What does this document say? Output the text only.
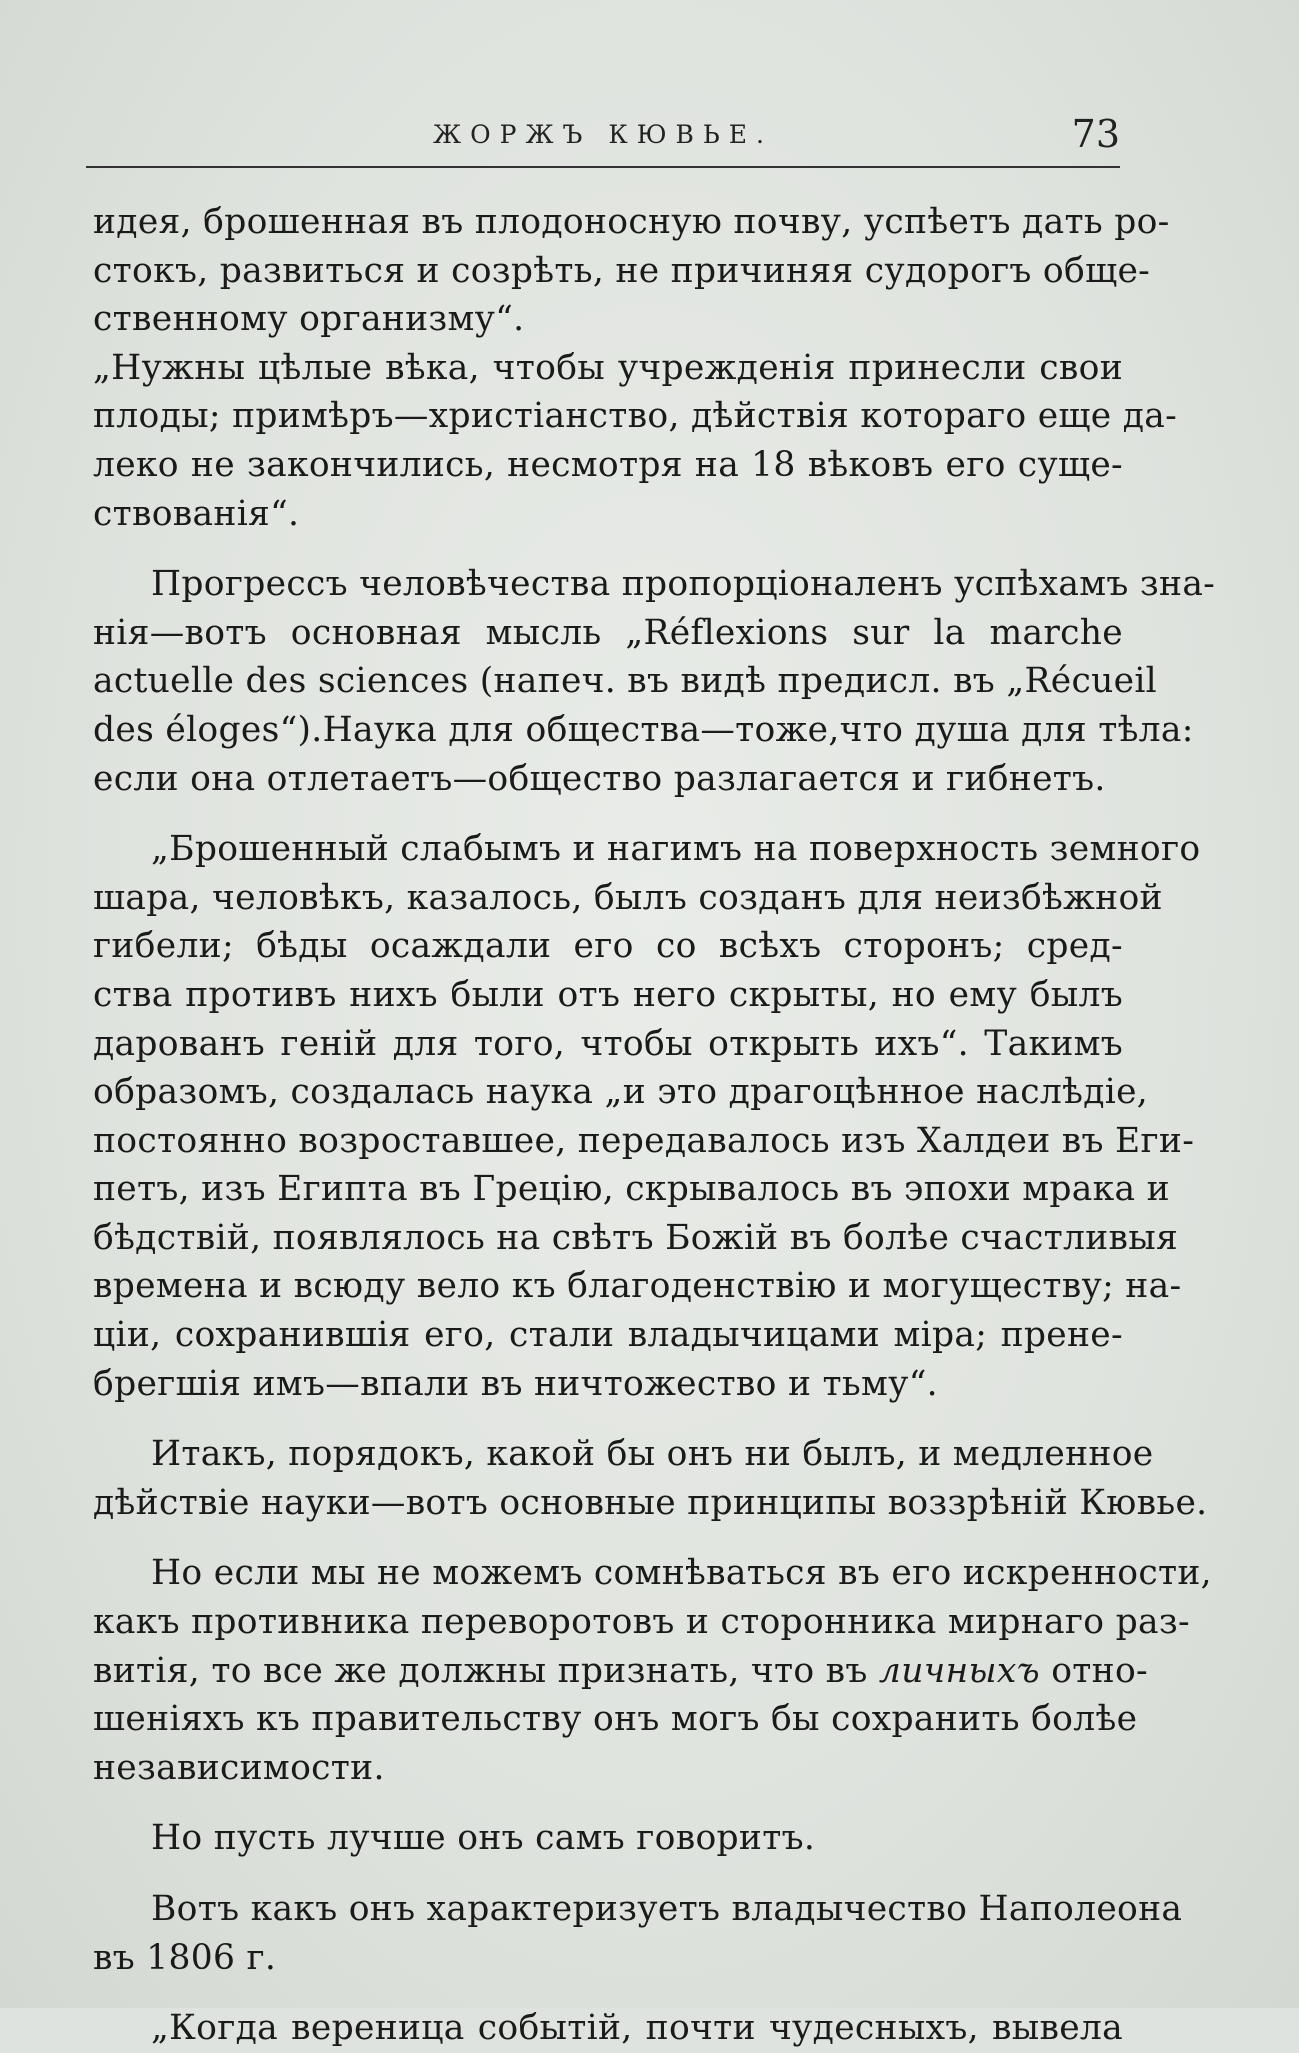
ЖОРЖЪ КЮВЬЕ.	73
идея, брошенная въ плодоносную почву, успѣетъ дать ро-
стокъ, развиться и созрѣть, не причиняя судорогъ обще-
ственному организму“.
„Нужны цѣлые вѣка, чтобы учрежденія принесли свои
плоды; примѣръ—христіанство, дѣйствія котораго еще да-
леко не закончились, несмотря на 18 вѣковъ его суще-
ствованія“.
Прогрессъ человѣчества пропорціоналенъ успѣхамъ зна-
нія—вотъ основная мысль „Réflexions sur la marche
actuelle des sciences (напеч. въ видѣ предисл. въ „Récueil
des éloges“).Наука для общества—тоже,что душа для тѣла:
если она отлетаетъ—общество разлагается и гибнетъ.
„Брошенный слабымъ и нагимъ на поверхность земного
шара, человѣкъ, казалось, былъ созданъ для неизбѣжной
гибели; бѣды осаждали его со всѣхъ сторонъ; сред-
ства противъ нихъ были отъ него скрыты, но ему былъ
дарованъ геній для того, чтобы открыть ихъ“. Такимъ
образомъ, создалась наука „и это драгоцѣнное наслѣдіе,
постоянно возроставшее, передавалось изъ Халдеи въ Еги-
петъ, изъ Египта въ Грецію, скрывалось въ эпохи мрака и
бѣдствій, появлялось на свѣтъ Божій въ болѣе счастливыя
времена и всюду вело къ благоденствію и могуществу; на-
ціи, сохранившія его, стали владычицами міра; прене-
брегшія имъ—впали въ ничтожество и тьму“.
Итакъ, порядокъ, какой бы онъ ни былъ, и медленное
дѣйствіе науки—вотъ основные принципы воззрѣній Кювье.
Но если мы не можемъ сомнѣваться въ его искренности,
какъ противника переворотовъ и сторонника мирнаго раз-
витія, то все же должны признать, что въ личныхъ отно-
шеніяхъ къ правительству онъ могъ бы сохранить болѣе
независимости.
Но пусть лучше онъ самъ говоритъ.
Вотъ какъ онъ характеризуетъ владычество Наполеона
въ 1806 г.
„Когда вереница событій, почти чудесныхъ, вывела
